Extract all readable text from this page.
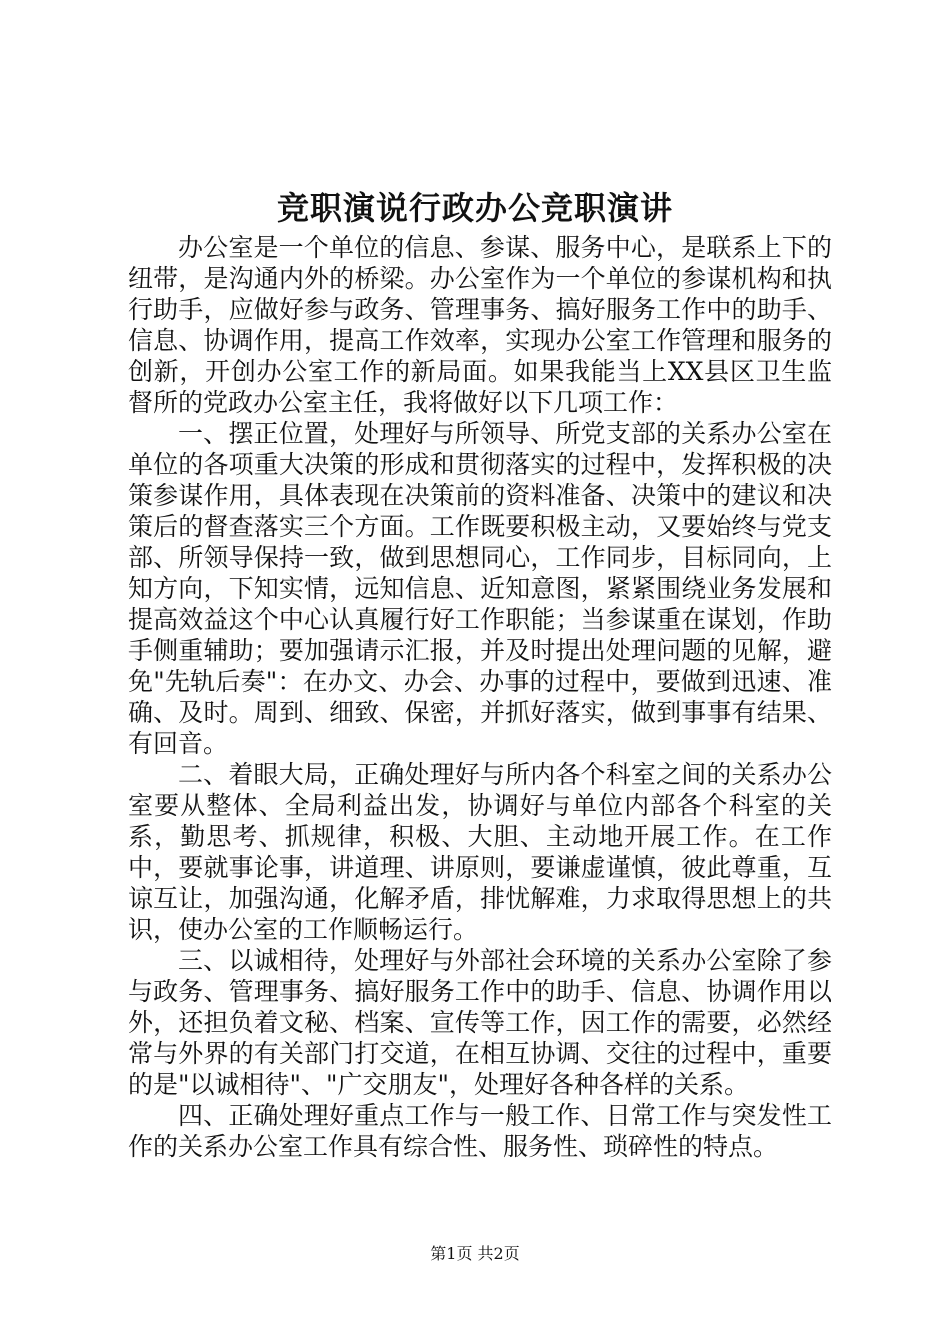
竞职演说行政办公竞职演讲

办公室是一个单位的信息、参谋、服务中心，是联系上下的纽带，是沟通内外的桥梁。办公室作为一个单位的参谋机构和执行助手，应做好参与政务、管理事务、搞好服务工作中的助手、信息、协调作用，提高工作效率，实现办公室工作管理和服务的创新，开创办公室工作的新局面。如果我能当上XX县区卫生监督所的党政办公室主任，我将做好以下几项工作：

一、摆正位置，处理好与所领导、所党支部的关系办公室在单位的各项重大决策的形成和贯彻落实的过程中，发挥积极的决策参谋作用，具体表现在决策前的资料准备、决策中的建议和决策后的督查落实三个方面。工作既要积极主动，又要始终与党支部、所领导保持一致，做到思想同心，工作同步，目标同向，上知方向，下知实情，远知信息、近知意图，紧紧围绕业务发展和提高效益这个中心认真履行好工作职能；当参谋重在谋划，作助手侧重辅助；要加强请示汇报，并及时提出处理问题的见解，避免"先轨后奏"：在办文、办会、办事的过程中，要做到迅速、准确、及时。周到、细致、保密，并抓好落实，做到事事有结果、有回音。

二、着眼大局，正确处理好与所内各个科室之间的关系办公室要从整体、全局利益出发，协调好与单位内部各个科室的关系，勤思考、抓规律，积极、大胆、主动地开展工作。在工作中，要就事论事，讲道理、讲原则，要谦虚谨慎，彼此尊重，互谅互让，加强沟通，化解矛盾，排忧解难，力求取得思想上的共识，使办公室的工作顺畅运行。

三、以诚相待，处理好与外部社会环境的关系办公室除了参与政务、管理事务、搞好服务工作中的助手、信息、协调作用以外，还担负着文秘、档案、宣传等工作，因工作的需要，必然经常与外界的有关部门打交道，在相互协调、交往的过程中，重要的是"以诚相待"、"广交朋友"，处理好各种各样的关系。

四、正确处理好重点工作与一般工作、日常工作与突发性工作的关系办公室工作具有综合性、服务性、琐碎性的特点。

第1页 共2页
